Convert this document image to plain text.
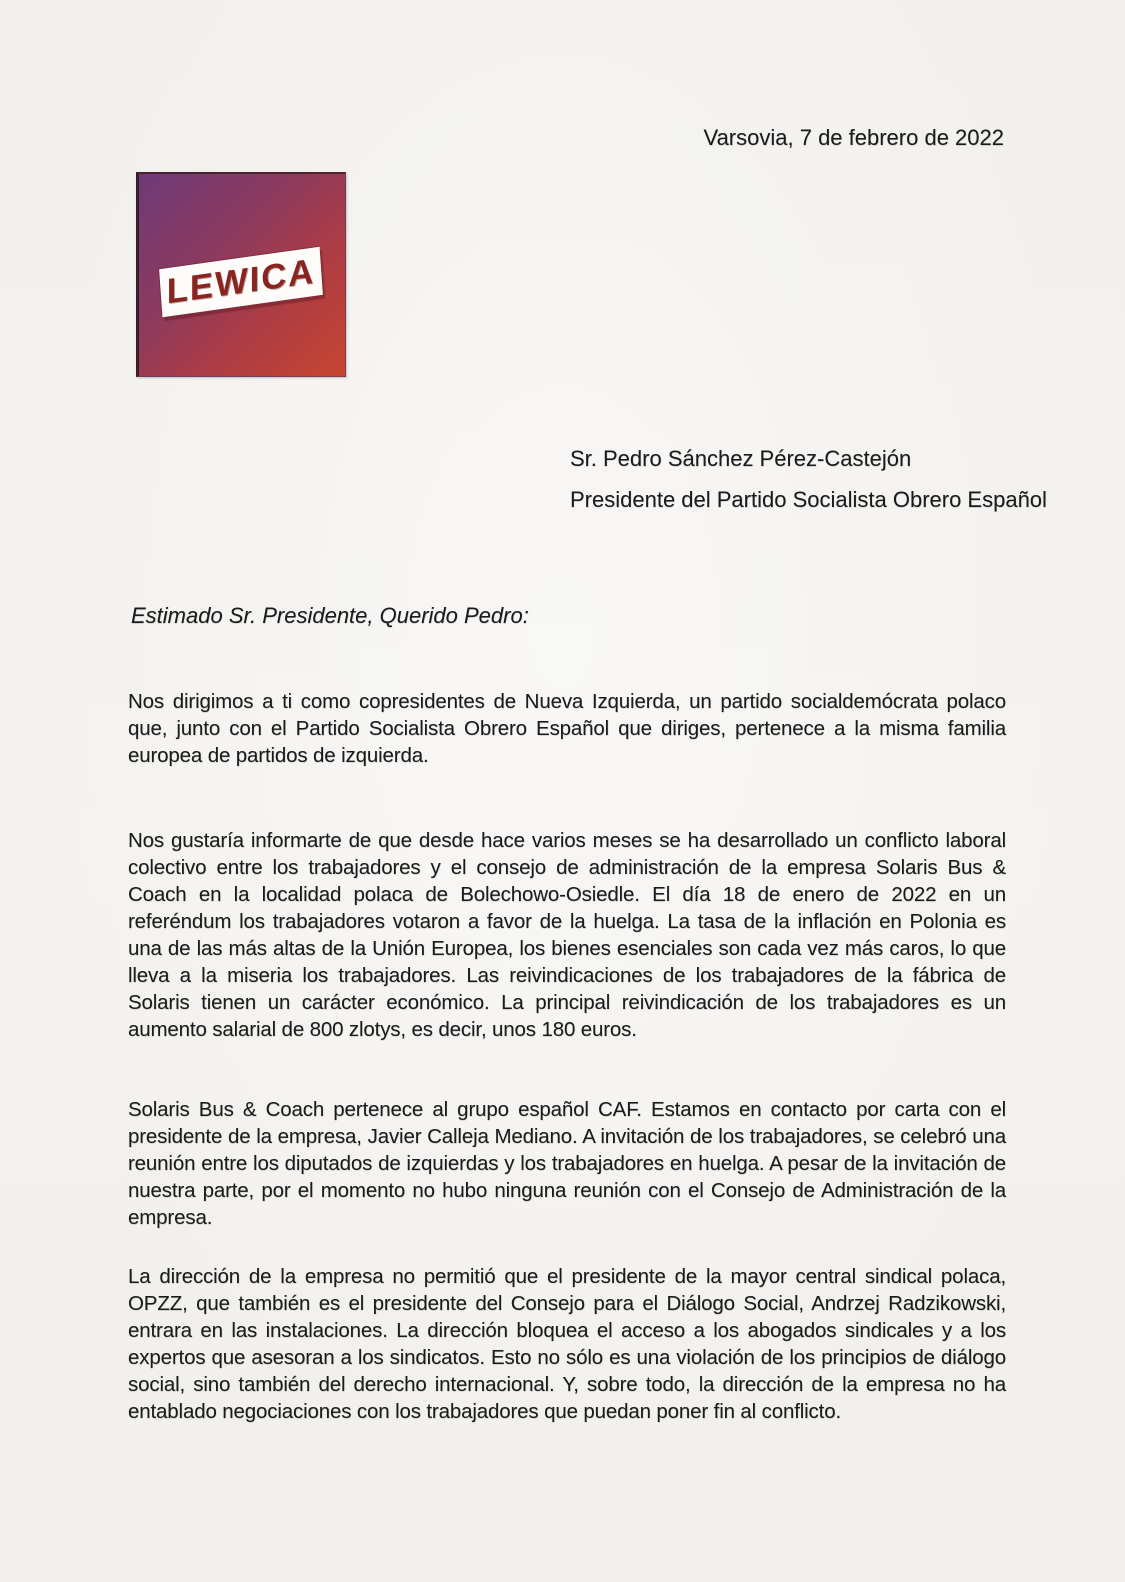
Varsovia, 7 de febrero de 2022
LEWICA
Sr. Pedro Sánchez Pérez-Castejón
Presidente del Partido Socialista Obrero Español
Estimado Sr. Presidente, Querido Pedro:

Nos dirigimos a ti como copresidentes de Nueva Izquierda, un partido socialdemócrata polaco que, junto con el Partido Socialista Obrero Español que diriges, pertenece a la misma familia europea de partidos de izquierda.

Nos gustaría informarte de que desde hace varios meses se ha desarrollado un conflicto laboral colectivo entre los trabajadores y el consejo de administración de la empresa Solaris Bus & Coach en la localidad polaca de Bolechowo-Osiedle. El día 18 de enero de 2022 en un referéndum los trabajadores votaron a favor de la huelga. La tasa de la inflación en Polonia es una de las más altas de la Unión Europea, los bienes esenciales son cada vez más caros, lo que lleva a la miseria los trabajadores. Las reivindicaciones de los trabajadores de la fábrica de Solaris tienen un carácter económico. La principal reivindicación de los trabajadores es un aumento salarial de 800 zlotys, es decir, unos 180 euros.

Solaris Bus & Coach pertenece al grupo español CAF. Estamos en contacto por carta con el presidente de la empresa, Javier Calleja Mediano. A invitación de los trabajadores, se celebró una reunión entre los diputados de izquierdas y los trabajadores en huelga. A pesar de la invitación de nuestra parte, por el momento no hubo ninguna reunión con el Consejo de Administración de la empresa.

La dirección de la empresa no permitió que el presidente de la mayor central sindical polaca, OPZZ, que también es el presidente del Consejo para el Diálogo Social, Andrzej Radzikowski, entrara en las instalaciones. La dirección bloquea el acceso a los abogados sindicales y a los expertos que asesoran a los sindicatos. Esto no sólo es una violación de los principios de diálogo social, sino también del derecho internacional. Y, sobre todo, la dirección de la empresa no ha entablado negociaciones con los trabajadores que puedan poner fin al conflicto.
